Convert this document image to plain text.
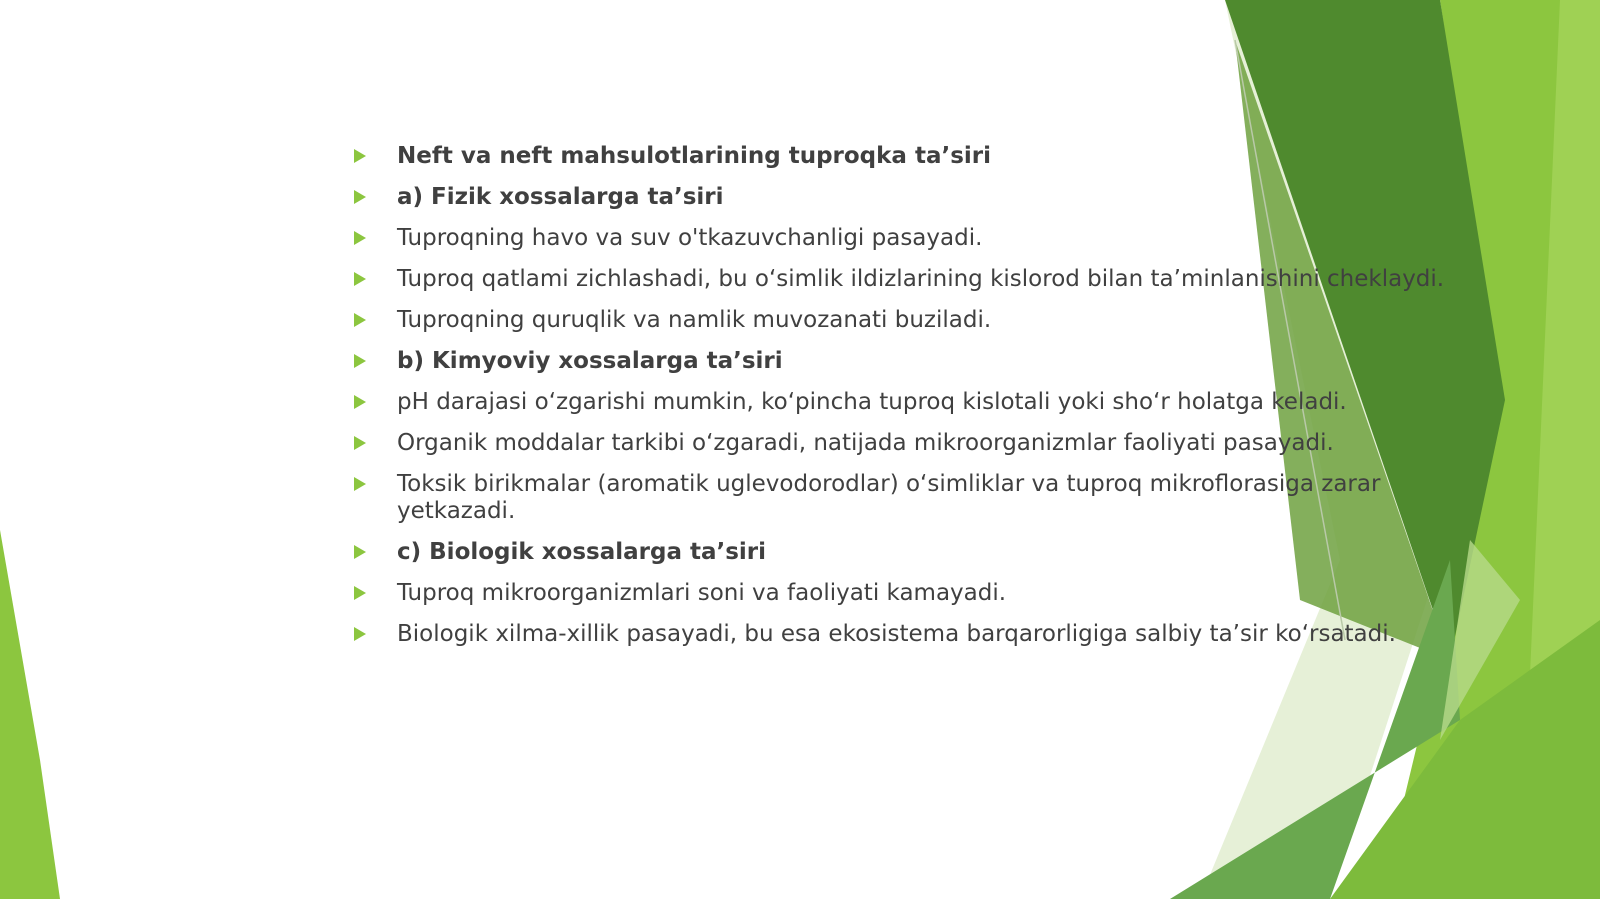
Neft va neft mahsulotlarining tuproqka ta’siri
a) Fizik xossalarga ta’siri
Tuproqning havo va suv o'tkazuvchanligi pasayadi.
Tuproq qatlami zichlashadi, bu o‘simlik ildizlarining kislorod bilan ta’minlanishini cheklaydi.
Tuproqning quruqlik va namlik muvozanati buziladi.
b) Kimyoviy xossalarga ta’siri
pH darajasi o‘zgarishi mumkin, ko‘pincha tuproq kislotali yoki sho‘r holatga keladi.
Organik moddalar tarkibi o‘zgaradi, natijada mikroorganizmlar faoliyati pasayadi.
Toksik birikmalar (aromatik uglevodorodlar) o‘simliklar va tuproq mikroflorasiga zarar yetkazadi.
c) Biologik xossalarga ta’siri
Tuproq mikroorganizmlari soni va faoliyati kamayadi.
Biologik xilma-xillik pasayadi, bu esa ekosistema barqarorligiga salbiy ta’sir ko‘rsatadi.
